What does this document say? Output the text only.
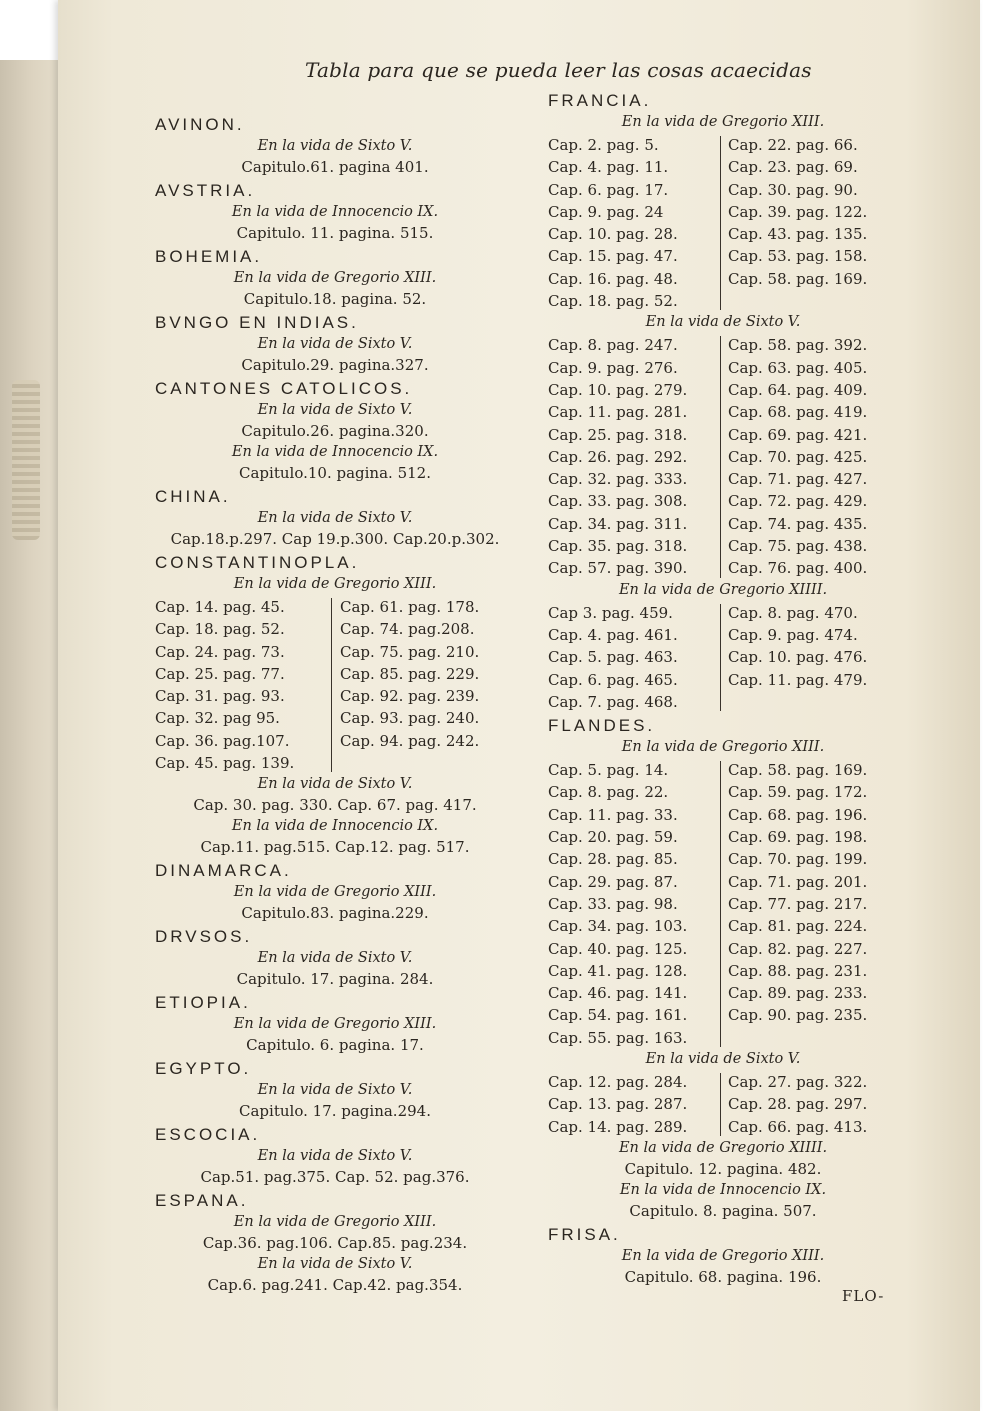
Tabla para que se pueda leer las cosas acaecidas
AVINON.
En la vida de Sixto V.
Capitulo.61. pagina 401.
AVSTRIA.
En la vida de Innocencio IX.
Capitulo. 11. pagina. 515.
BOHEMIA.
En la vida de Gregorio XIII.
Capitulo.18. pagina. 52.
BVNGO EN INDIAS.
En la vida de Sixto V.
Capitulo.29. pagina.327.
CANTONES CATOLICOS.
En la vida de Sixto V.
Capitulo.26. pagina.320.
En la vida de Innocencio IX.
Capitulo.10. pagina. 512.
CHINA.
En la vida de Sixto V.
Cap.18.p.297. Cap 19.p.300. Cap.20.p.302.
CONSTANTINOPLA.
En la vida de Gregorio XIII.
Cap. 14. pag. 45.
Cap. 18. pag. 52.
Cap. 24. pag. 73.
Cap. 25. pag. 77.
Cap. 31. pag. 93.
Cap. 32. pag 95.
Cap. 36. pag.107.
Cap. 45. pag. 139.
Cap. 61. pag. 178.
Cap. 74. pag.208.
Cap. 75. pag. 210.
Cap. 85. pag. 229.
Cap. 92. pag. 239.
Cap. 93. pag. 240.
Cap. 94. pag. 242.
En la vida de Sixto V.
Cap. 30. pag. 330. Cap. 67. pag. 417.
En la vida de Innocencio IX.
Cap.11. pag.515. Cap.12. pag. 517.
DINAMARCA.
En la vida de Gregorio XIII.
Capitulo.83. pagina.229.
DRVSOS.
En la vida de Sixto V.
Capitulo. 17. pagina. 284.
ETIOPIA.
En la vida de Gregorio XIII.
Capitulo. 6. pagina. 17.
EGYPTO.
En la vida de Sixto V.
Capitulo. 17. pagina.294.
ESCOCIA.
En la vida de Sixto V.
Cap.51. pag.375. Cap. 52. pag.376.
ESPANA.
En la vida de Gregorio XIII.
Cap.36. pag.106. Cap.85. pag.234.
En la vida de Sixto V.
Cap.6. pag.241. Cap.42. pag.354.
FRANCIA.
En la vida de Gregorio XIII.
Cap. 2. pag. 5.
Cap. 4. pag. 11.
Cap. 6. pag. 17.
Cap. 9. pag. 24
Cap. 10. pag. 28.
Cap. 15. pag. 47.
Cap. 16. pag. 48.
Cap. 18. pag. 52.
Cap. 22. pag. 66.
Cap. 23. pag. 69.
Cap. 30. pag. 90.
Cap. 39. pag. 122.
Cap. 43. pag. 135.
Cap. 53. pag. 158.
Cap. 58. pag. 169.
En la vida de Sixto V.
Cap. 8. pag. 247.
Cap. 9. pag. 276.
Cap. 10. pag. 279.
Cap. 11. pag. 281.
Cap. 25. pag. 318.
Cap. 26. pag. 292.
Cap. 32. pag. 333.
Cap. 33. pag. 308.
Cap. 34. pag. 311.
Cap. 35. pag. 318.
Cap. 57. pag. 390.
Cap. 58. pag. 392.
Cap. 63. pag. 405.
Cap. 64. pag. 409.
Cap. 68. pag. 419.
Cap. 69. pag. 421.
Cap. 70. pag. 425.
Cap. 71. pag. 427.
Cap. 72. pag. 429.
Cap. 74. pag. 435.
Cap. 75. pag. 438.
Cap. 76. pag. 400.
En la vida de Gregorio XIIII.
Cap 3. pag. 459.
Cap. 4. pag. 461.
Cap. 5. pag. 463.
Cap. 6. pag. 465.
Cap. 7. pag. 468.
Cap. 8. pag. 470.
Cap. 9. pag. 474.
Cap. 10. pag. 476.
Cap. 11. pag. 479.
FLANDES.
En la vida de Gregorio XIII.
Cap. 5. pag. 14.
Cap. 8. pag. 22.
Cap. 11. pag. 33.
Cap. 20. pag. 59.
Cap. 28. pag. 85.
Cap. 29. pag. 87.
Cap. 33. pag. 98.
Cap. 34. pag. 103.
Cap. 40. pag. 125.
Cap. 41. pag. 128.
Cap. 46. pag. 141.
Cap. 54. pag. 161.
Cap. 55. pag. 163.
Cap. 58. pag. 169.
Cap. 59. pag. 172.
Cap. 68. pag. 196.
Cap. 69. pag. 198.
Cap. 70. pag. 199.
Cap. 71. pag. 201.
Cap. 77. pag. 217.
Cap. 81. pag. 224.
Cap. 82. pag. 227.
Cap. 88. pag. 231.
Cap. 89. pag. 233.
Cap. 90. pag. 235.
En la vida de Sixto V.
Cap. 12. pag. 284.
Cap. 13. pag. 287.
Cap. 14. pag. 289.
Cap. 27. pag. 322.
Cap. 28. pag. 297.
Cap. 66. pag. 413.
En la vida de Gregorio XIIII.
Capitulo. 12. pagina. 482.
En la vida de Innocencio IX.
Capitulo. 8. pagina. 507.
FRISA.
En la vida de Gregorio XIII.
Capitulo. 68. pagina. 196.
FLO-
